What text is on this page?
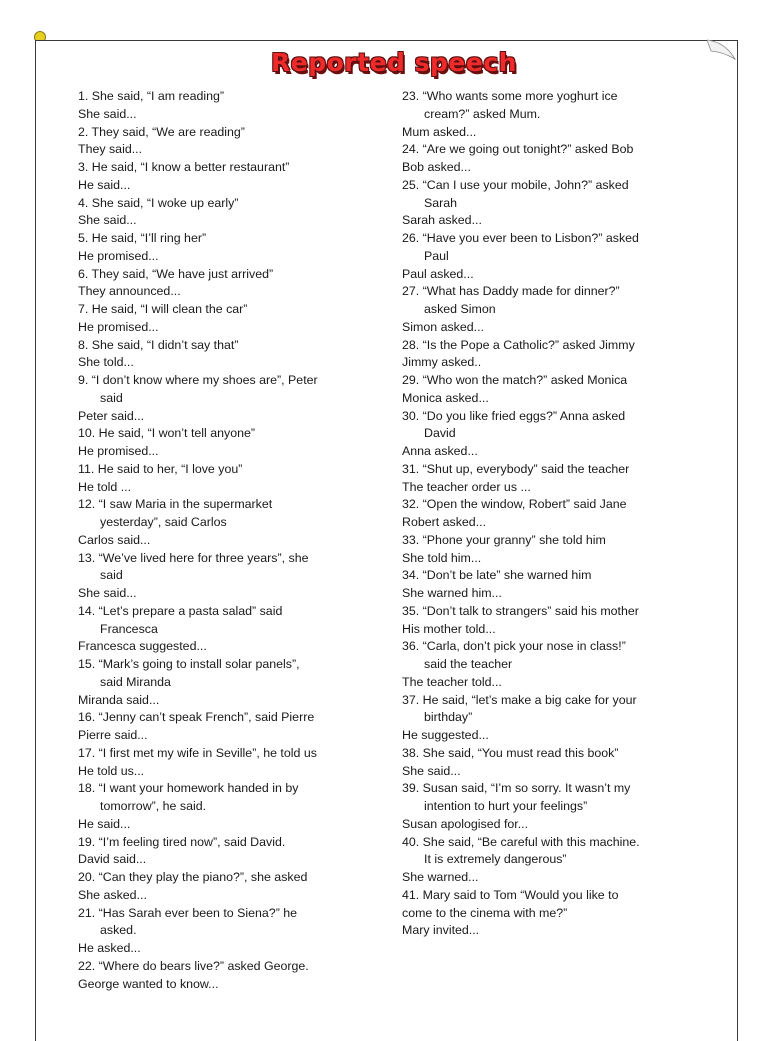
Reported speech
1. She said, “I am reading”
She said...
2. They said, “We are reading”
They said...
3. He said, “I know a better restaurant”
He said...
4. She said, “I woke up early”
She said...
5. He said, “I’ll ring her”
He promised...
6. They said, “We have just arrived”
They announced...
7. He said, “I will clean the car”
He promised...
8. She said, “I didn’t say that”
She told...
9. “I don’t know where my shoes are”, Peter
said
Peter said...
10. He said, “I won’t tell anyone”
He promised...
11. He said to her, “I love you”
He told ...
12. “I saw Maria in the supermarket
yesterday”, said Carlos
Carlos said...
13. “We’ve lived here for three years”, she
said
She said...
14. “Let’s prepare a pasta salad” said
Francesca
Francesca suggested...
15. “Mark’s going to install solar panels”,
said Miranda
Miranda said...
16. “Jenny can’t speak French”, said Pierre
Pierre said...
17. “I first met my wife in Seville”, he told us
He told us...
18. “I want your homework handed in by
tomorrow”, he said.
He said...
19. “I’m feeling tired now”, said David.
David said...
20. “Can they play the piano?”, she asked
She asked...
21. “Has Sarah ever been to Siena?” he
asked.
He asked...
22. “Where do bears live?” asked George.
George wanted to know...
23. “Who wants some more yoghurt ice
cream?” asked Mum.
Mum asked...
24. “Are we going out tonight?” asked Bob
Bob asked...
25. “Can I use your mobile, John?” asked
Sarah
Sarah asked...
26. “Have you ever been to Lisbon?” asked
Paul
Paul asked...
27. “What has Daddy made for dinner?”
asked Simon
Simon asked...
28. “Is the Pope a Catholic?” asked Jimmy
Jimmy asked..
29. “Who won the match?” asked Monica
Monica asked...
30. “Do you like fried eggs?” Anna asked
David
Anna asked...
31. “Shut up, everybody” said the teacher
The teacher order us ...
32. “Open the window, Robert” said Jane
Robert asked...
33. “Phone your granny” she told him
She told him...
34. “Don’t be late” she warned him
She warned him...
35. “Don’t talk to strangers” said his mother
His mother told...
36. “Carla, don’t pick your nose in class!”
said the teacher
The teacher told...
37. He said, “let’s make a big cake for your
birthday”
He suggested...
38. She said, “You must read this book”
She said...
39. Susan said, “I’m so sorry. It wasn’t my
intention to hurt your feelings”
Susan apologised for...
40. She said, “Be careful with this machine.
It is extremely dangerous”
She warned...
41. Mary said to Tom “Would you like to
come to the cinema with me?”
Mary invited...
